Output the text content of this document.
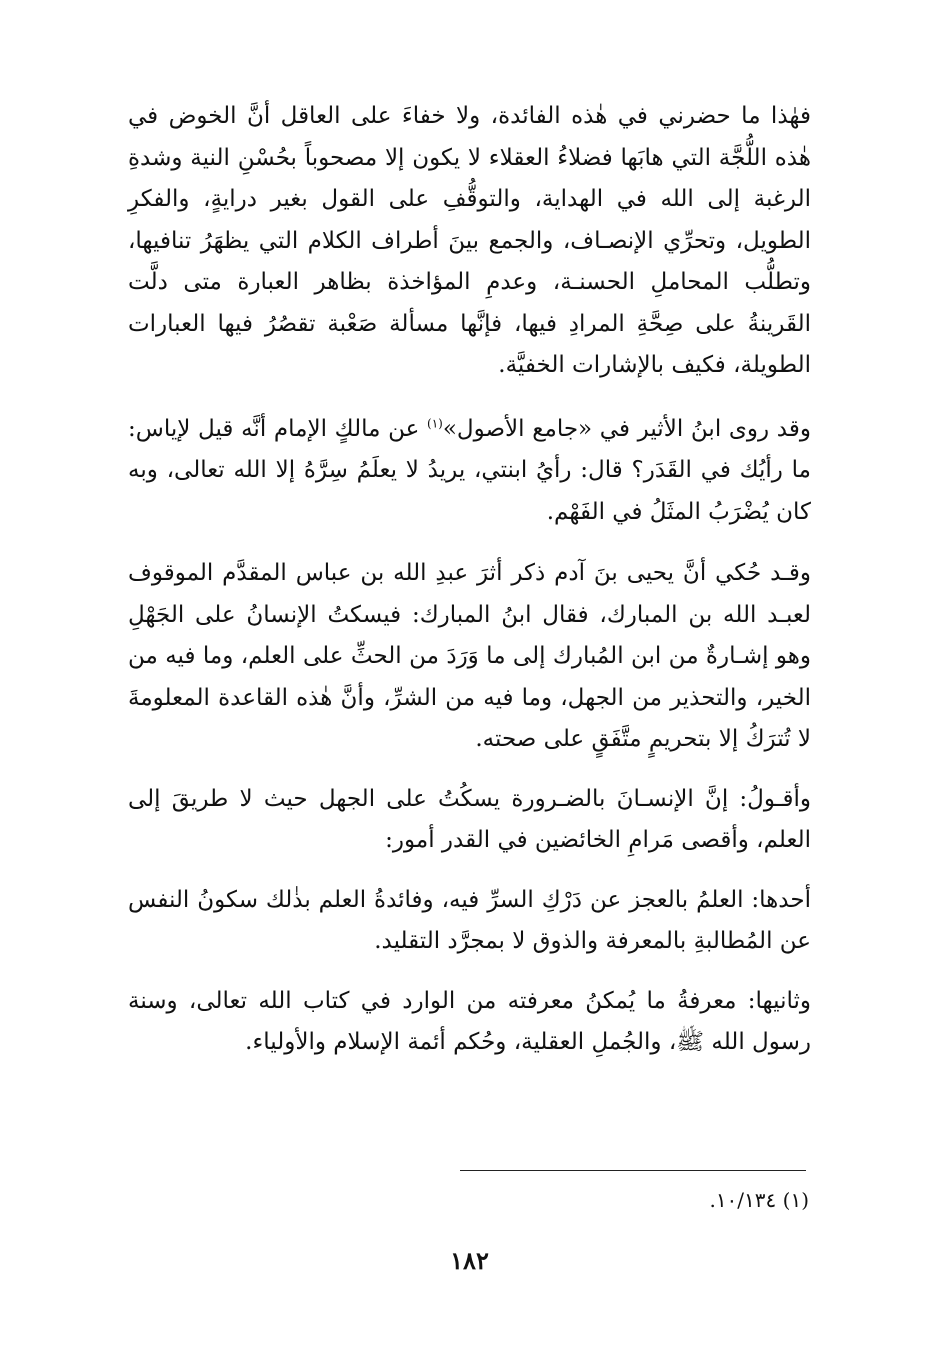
فهٰذا ما حضرني في هٰذه الفائدة، ولا خفاءَ على العاقل أنَّ الخوض في هٰذه اللُّجَّة التي هابَها فضلاءُ العقلاء لا يكون إلا مصحوباً بحُسْنِ النية وشدةِ الرغبة إلى الله في الهداية، والتوقُّفِ على القول بغير درايةٍ، والفكرِ الطويل، وتحرِّي الإنصـاف، والجمع بينَ أطراف الكلام التي يظهَرُ تنافيها، وتطلُّب المحاملِ الحسنـة، وعدمِ المؤاخذة بظاهر العبارة متى دلَّت القَرينةُ على صِحَّةِ المرادِ فيها، فإنَّها مسألة صَعْبة تقصُرُ فيها العبارات الطويلة، فكيف بالإشارات الخفيَّة.

وقد روى ابنُ الأثير في «جامع الأصول»$^{(١)}$ عن مالكٍ الإمام أنَّه قيل لإياس: ما رأيُك في القَدَر؟ قال: رأيُ ابنتي، يريدُ لا يعلَمُ سِرَّهُ إلا الله تعالى، وبه كان يُضْرَبُ المثَلُ في الفَهْم.

وقـد حُكي أنَّ يحيى بنَ آدم ذكر أثرَ عبدِ الله بن عباس المقدَّم الموقوف لعبـد الله بن المبارك، فقال ابنُ المبارك: فيسكتُ الإنسانُ على الجَهْلِ وهو إشـارةٌ من ابن المُبارك إلى ما وَرَدَ من الحثِّ على العلم، وما فيه من الخير، والتحذير من الجهل، وما فيه من الشرِّ، وأنَّ هٰذه القاعدة المعلومةَ لا تُترَكُ إلا بتحريمٍ متَّفَقٍ على صحته.

وأقـولُ: إنَّ الإنسـانَ بالضـرورة يسكُتُ على الجهل حيث لا طريقَ إلى العلم، وأقصى مَرامِ الخائضين في القدر أمور:

أحدها: العلمُ بالعجز عن دَرْكِ السرِّ فيه، وفائدةُ العلم بذٰلك سكونُ النفس عن المُطالبةِ بالمعرفة والذوق لا بمجرَّد التقليد.

وثانيها: معرفةُ ما يُمكنُ معرفته من الوارد في كتاب الله تعالى، وسنة رسول الله ﷺ، والجُملِ العقلية، وحُكم أئمة الإسلام والأولياء.

(١) ١٠/١٣٤.
١٨٢
